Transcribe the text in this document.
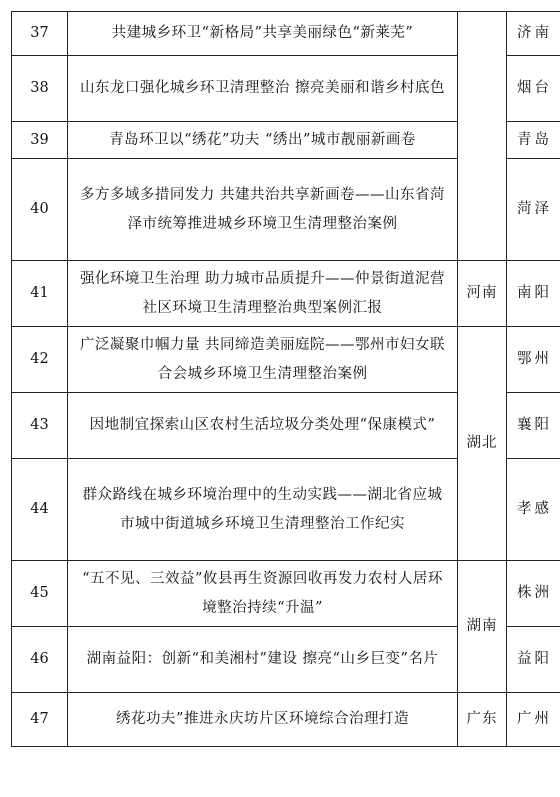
37	共建城乡环卫“新格局”共享美丽绿色“新莱芜”		济南
38	山东龙口强化城乡环卫清理整治 擦亮美丽和谐乡村底色		烟台
39	青岛环卫以“绣花”功夫 “绣出”城市靓丽新画卷		青岛
40	多方多域多措同发力 共建共治共享新画卷——山东省菏泽市统筹推进城乡环境卫生清理整治案例		菏泽
41	强化环境卫生治理 助力城市品质提升——仲景街道泥营社区环境卫生清理整治典型案例汇报	河南	南阳
42	广泛凝聚巾帼力量 共同缔造美丽庭院——鄂州市妇女联合会城乡环境卫生清理整治案例	湖北	鄂州
43	因地制宜探索山区农村生活垃圾分类处理“保康模式”		襄阳
44	群众路线在城乡环境治理中的生动实践——湖北省应城市城中街道城乡环境卫生清理整治工作纪实		孝感
45	“五不见、三效益”攸县再生资源回收再发力农村人居环境整治持续“升温”	湖南	株洲
46	湖南益阳：创新“和美湘村”建设 擦亮“山乡巨变”名片		益阳
47	绣花功夫”推进永庆坊片区环境综合治理打造	广东	广州
